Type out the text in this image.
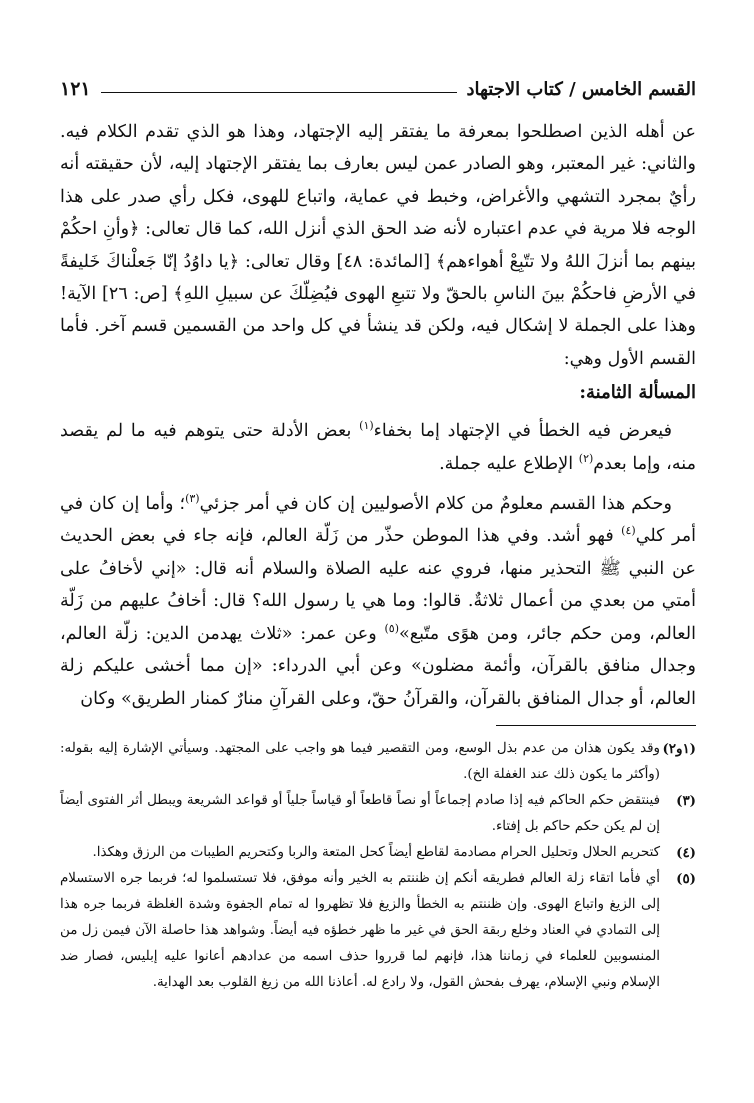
القسم الخامس / كتاب الاجتهاد
١٢١

عن أهله الذين اصطلحوا بمعرفة ما يفتقر إليه الإجتهاد، وهذا هو الذي تقدم الكلام فيه. والثاني: غير المعتبر، وهو الصادر عمن ليس بعارف بما يفتقر الإجتهاد إليه، لأن حقيقته أنه رأيٌ بمجرد التشهي والأغراض، وخبط في عماية، واتباع للهوى، فكل رأي صدر على هذا الوجه فلا مرية في عدم اعتباره لأنه ضد الحق الذي أنزل الله، كما قال تعالى: ﴿وأنِ احكُمْ بينهم بما أنزلَ اللهُ ولا تتّبِعْ أهواءهم﴾ [المائدة: ٤٨] وقال تعالى: ﴿يا داوُدُ إنّا جَعلْناكَ خَليفةً في الأرضِ فاحكُمْ بينَ الناسِ بالحقّ ولا تتبعِ الهوى فيُضِلّكَ عن سبيلِ اللهِ﴾ [ص: ٢٦] الآية! وهذا على الجملة لا إشكال فيه، ولكن قد ينشأ في كل واحد من القسمين قسم آخر. فأما القسم الأول وهي:

المسألة الثامنة:

فيعرض فيه الخطأ في الإجتهاد إما بخفاء$^{(١)}$ بعض الأدلة حتى يتوهم فيه ما لم يقصد منه، وإما بعدم$^{(٢)}$ الإطلاع عليه جملة.

وحكم هذا القسم معلومٌ من كلام الأصوليين إن كان في أمر جزئي$^{(٣)}$؛ وأما إن كان في أمر كلي$^{(٤)}$ فهو أشد. وفي هذا الموطن حذّر من زَلّة العالم، فإنه جاء في بعض الحديث عن النبي ﷺ التحذير منها، فروي عنه عليه الصلاة والسلام أنه قال: «إني لأخافُ على أمتي من بعدي من أعمال ثلاثةٌ. قالوا: وما هي يا رسول الله؟ قال: أخافُ عليهم من زَلّة العالم، ومن حكم جائر، ومن هوًى متّبع»$^{(٥)}$ وعن عمر: «ثلاث يهدمن الدين: زلّة العالم، وجدال منافق بالقرآن، وأئمة مضلون» وعن أبي الدرداء: «إن مما أخشى عليكم زلة العالم، أو جدال المنافق بالقرآن، والقرآنُ حقّ، وعلى القرآنِ منارٌ كمنار الطريق» وكان

(١و٢)
وقد يكون هذان من عدم بذل الوسع، ومن التقصير فيما هو واجب على المجتهد. وسيأتي الإشارة إليه بقوله: (وأكثر ما يكون ذلك عند الغفلة الخ).
(٣)
فينتقض حكم الحاكم فيه إذا صادم إجماعاً أو نصاً قاطعاً أو قياساً جلياً أو قواعد الشريعة ويبطل أثر الفتوى أيضاً إن لم يكن حكم حاكم بل إفتاء.
(٤)
كتحريم الحلال وتحليل الحرام مصادمة لقاطع أيضاً كحل المتعة والربا وكتحريم الطيبات من الرزق وهكذا.
(٥)
أي فأما اتقاء زلة العالم فطريقه أنكم إن ظننتم به الخير وأنه موفق، فلا تستسلموا له؛ فربما جره الاستسلام إلى الزيغ واتباع الهوى. وإن ظننتم به الخطأ والزيغ فلا تظهروا له تمام الجفوة وشدة الغلظة فربما جره هذا إلى التمادي في العناد وخلع ربقة الحق في غير ما ظهر خطؤه فيه أيضاً. وشواهد هذا حاصلة الآن فيمن زل من المنسوبين للعلماء في زماننا هذا، فإنهم لما قرروا حذف اسمه من عدادهم أعانوا عليه إبليس، فصار ضد الإسلام ونبي الإسلام، يهرف بفحش القول، ولا رادع له. أعاذنا الله من زيغ القلوب بعد الهداية.
